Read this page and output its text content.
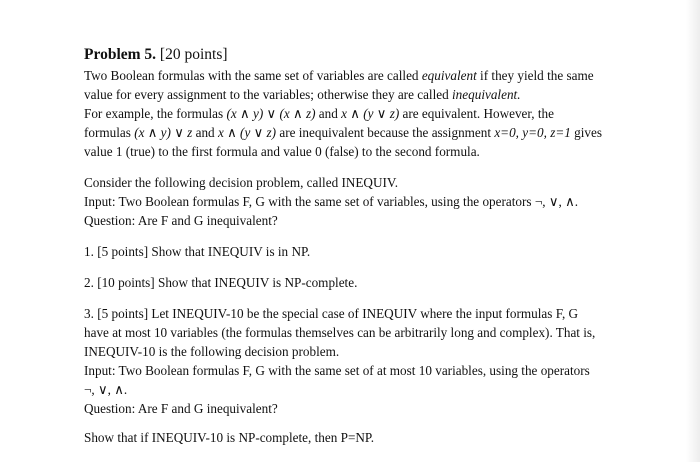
Problem 5. [20 points]
Two Boolean formulas with the same set of variables are called equivalent if they yield the same
value for every assignment to the variables; otherwise they are called inequivalent.
For example, the formulas (x ∧ y) ∨ (x ∧ z) and x ∧ (y ∨ z) are equivalent. However, the
formulas (x ∧ y) ∨ z and x ∧ (y ∨ z) are inequivalent because the assignment x=0, y=0, z=1 gives
value 1 (true) to the first formula and value 0 (false) to the second formula.
Consider the following decision problem, called INEQUIV.
Input: Two Boolean formulas F, G with the same set of variables, using the operators ¬, ∨, ∧.
Question: Are F and G inequivalent?
1. [5 points] Show that INEQUIV is in NP.
2. [10 points] Show that INEQUIV is NP-complete.
3. [5 points] Let INEQUIV-10 be the special case of INEQUIV where the input formulas F, G
have at most 10 variables (the formulas themselves can be arbitrarily long and complex). That is,
INEQUIV-10 is the following decision problem.
Input: Two Boolean formulas F, G with the same set of at most 10 variables, using the operators
¬, ∨, ∧.
Question: Are F and G inequivalent?
Show that if INEQUIV-10 is NP-complete, then P=NP.
